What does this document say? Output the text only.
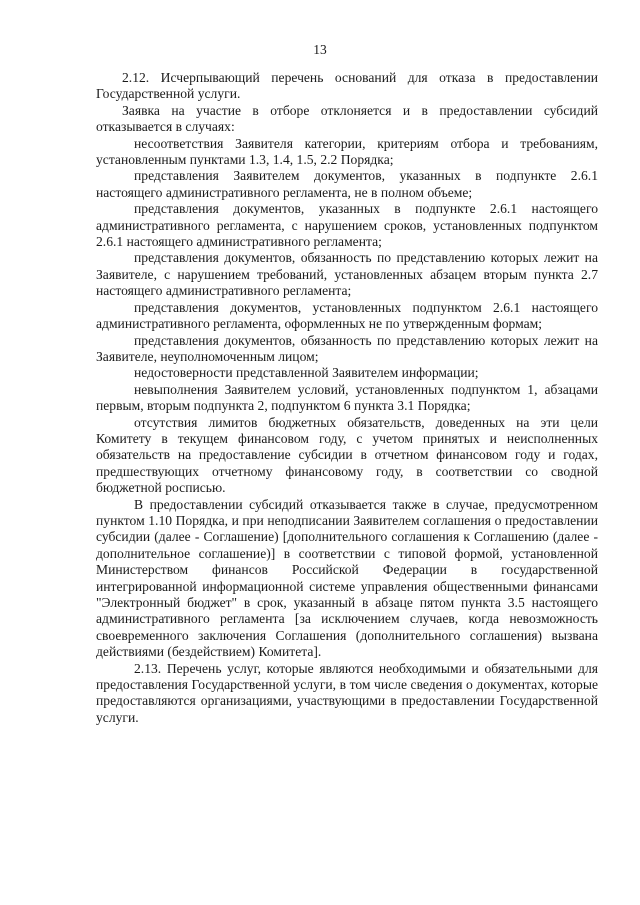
13

2.12. Исчерпывающий перечень оснований для отказа в предоставлении Государственной услуги.

Заявка на участие в отборе отклоняется и в предоставлении субсидий отказывается в случаях:

несоответствия Заявителя категории, критериям отбора и требованиям, установленным пунктами 1.3, 1.4, 1.5, 2.2 Порядка;

представления Заявителем документов, указанных в подпункте 2.6.1 настоящего административного регламента, не в полном объеме;

представления документов, указанных в подпункте 2.6.1 настоящего административного регламента, с нарушением сроков, установленных подпунктом 2.6.1 настоящего административного регламента;

представления документов, обязанность по представлению которых лежит на Заявителе, с нарушением требований, установленных абзацем вторым пункта 2.7 настоящего административного регламента;

представления документов, установленных подпунктом 2.6.1 настоящего административного регламента, оформленных не по утвержденным формам;

представления документов, обязанность по представлению которых лежит на Заявителе, неуполномоченным лицом;

недостоверности представленной Заявителем информации;

невыполнения Заявителем условий, установленных подпунктом 1, абзацами первым, вторым подпункта 2, подпунктом 6 пункта 3.1 Порядка;

отсутствия лимитов бюджетных обязательств, доведенных на эти цели Комитету в текущем финансовом году, с учетом принятых и неисполненных обязательств на предоставление субсидии в отчетном финансовом году и годах, предшествующих отчетному финансовому году, в соответствии со сводной бюджетной росписью.

В предоставлении субсидий отказывается также в случае, предусмотренном пунктом 1.10 Порядка, и при неподписании Заявителем соглашения о предоставлении субсидии (далее - Соглашение) [дополнительного соглашения к Соглашению (далее - дополнительное соглашение)] в соответствии с типовой формой, установленной Министерством финансов Российской Федерации в государственной интегрированной информационной системе управления общественными финансами "Электронный бюджет" в срок, указанный в абзаце пятом пункта 3.5 настоящего административного регламента [за исключением случаев, когда невозможность своевременного заключения Соглашения (дополнительного соглашения) вызвана действиями (бездействием) Комитета].

2.13. Перечень услуг, которые являются необходимыми и обязательными для предоставления Государственной услуги, в том числе сведения о документах, которые предоставляются организациями, участвующими в предоставлении Государственной услуги.
